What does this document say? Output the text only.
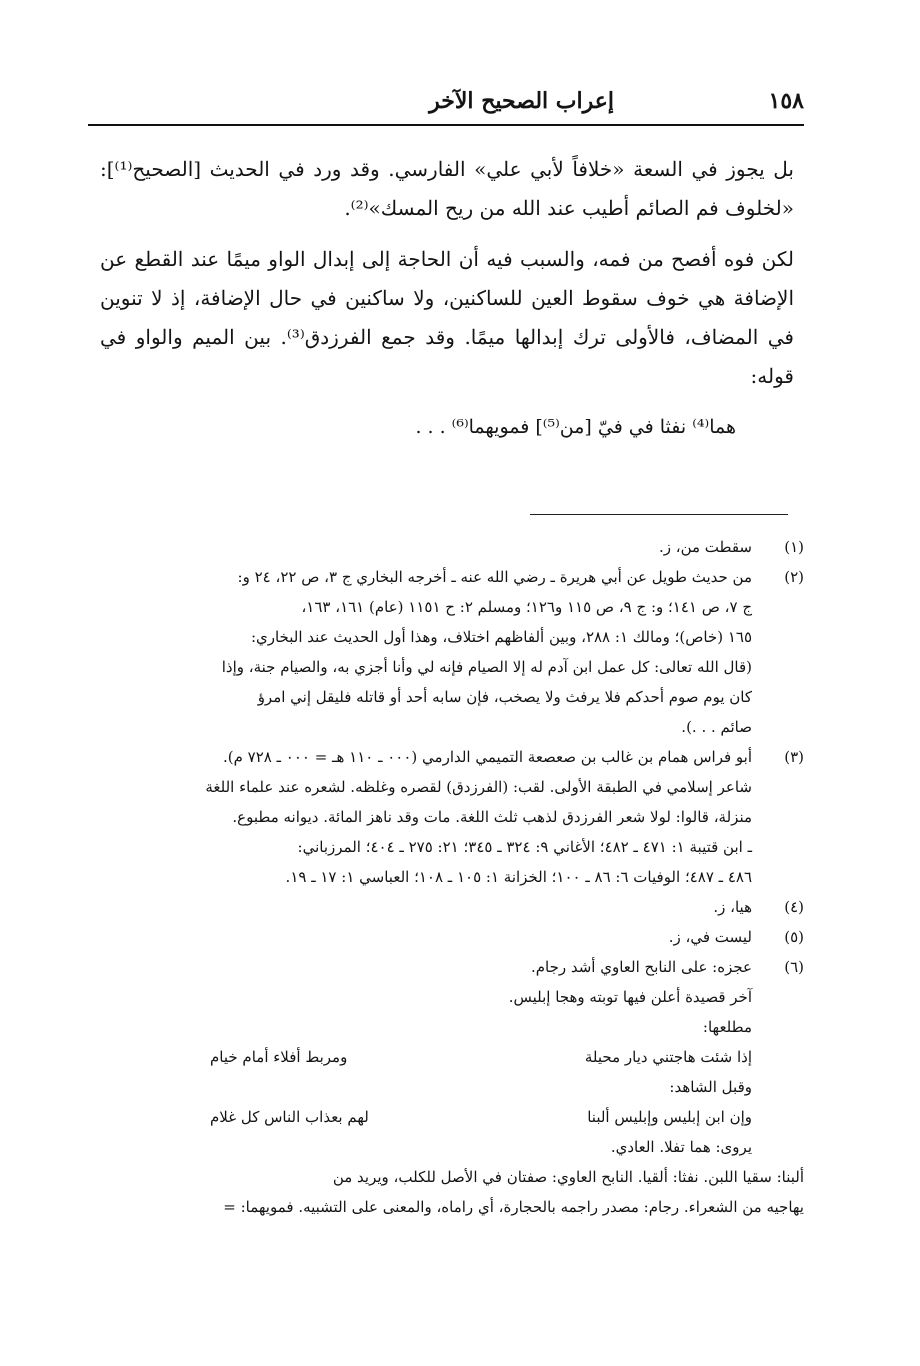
١٥٨
إعراب الصحيح الآخر

بل يجوز في السعة «خلافاً لأبي علي» الفارسي. وقد ورد في الحديث [الصحيح⁽¹⁾]: «لخلوف فم الصائم أطيب عند الله من ريح المسك»⁽²⁾.

لكن فوه أفصح من فمه، والسبب فيه أن الحاجة إلى إبدال الواو ميمًا عند القطع عن الإضافة هي خوف سقوط العين للساكنين، ولا ساكنين في حال الإضافة، إذ لا تنوين في المضاف، فالأولى ترك إبدالها ميمًا. وقد جمع الفرزدق⁽³⁾. بين الميم والواو في قوله:

هما⁽⁴⁾ نفثا في فيّ [من⁽⁵⁾] فمويهما⁽⁶⁾ . . .

(١)
سقطت من، ز.
(٢)
من حديث طويل عن أبي هريرة ـ رضي الله عنه ـ أخرجه البخاري ج ٣، ص ٢٢، ٢٤ و:
ج ٧، ص ١٤١؛ و: ج ٩، ص ١١٥ و١٢٦؛ ومسلم ٢: ح ١١٥١ (عام) ١٦١، ١٦٣،
١٦٥ (خاص)؛ ومالك ١: ٢٨٨، وبين ألفاظهم اختلاف، وهذا أول الحديث عند البخاري:
(قال الله تعالى: كل عمل ابن آدم له إلا الصيام فإنه لي وأنا أجزي به، والصيام جنة، وإذا
كان يوم صوم أحدكم فلا يرفث ولا يصخب، فإن سابه أحد أو قاتله فليقل إني امرؤ
صائم . . .).
(٣)
أبو فراس همام بن غالب بن صعصعة التميمي الدارمي (٠٠٠ ـ ١١٠ هـ = ٠٠٠ ـ ٧٢٨ م).
شاعر إسلامي في الطبقة الأولى. لقب: (الفرزدق) لقصره وغلظه. لشعره عند علماء اللغة
منزلة، قالوا: لولا شعر الفرزدق لذهب ثلث اللغة. مات وقد ناهز المائة. ديوانه مطبوع.
ـ ابن قتيبة ١: ٤٧١ ـ ٤٨٢؛ الأغاني ٩: ٣٢٤ ـ ٣٤٥؛ ٢١: ٢٧٥ ـ ٤٠٤؛ المرزباني:
٤٨٦ ـ ٤٨٧؛ الوفيات ٦: ٨٦ ـ ١٠٠؛ الخزانة ١: ١٠٥ ـ ١٠٨؛ العباسي ١: ١٧ ـ ١٩.
(٤)
هيا، ز.
(٥)
ليست في، ز.
(٦)
عجزه: على النابح العاوي أشد رجام.
آخر قصيدة أعلن فيها توبته وهجا إبليس.
مطلعها:
إذا شئت هاجتني ديار محيلة
ومربط أفلاء أمام خيام
وقبل الشاهد:
وإن ابن إبليس وإبليس ألبنا
لهم بعذاب الناس كل غلام
يروى: هما تفلا. العادي.
ألبنا: سقيا اللبن. نفثا: ألقيا. النابح العاوي: صفتان في الأصل للكلب، ويريد من
يهاجيه من الشعراء. رجام: مصدر راجمه بالحجارة، أي راماه، والمعنى على التشبيه. فمويهما: =
